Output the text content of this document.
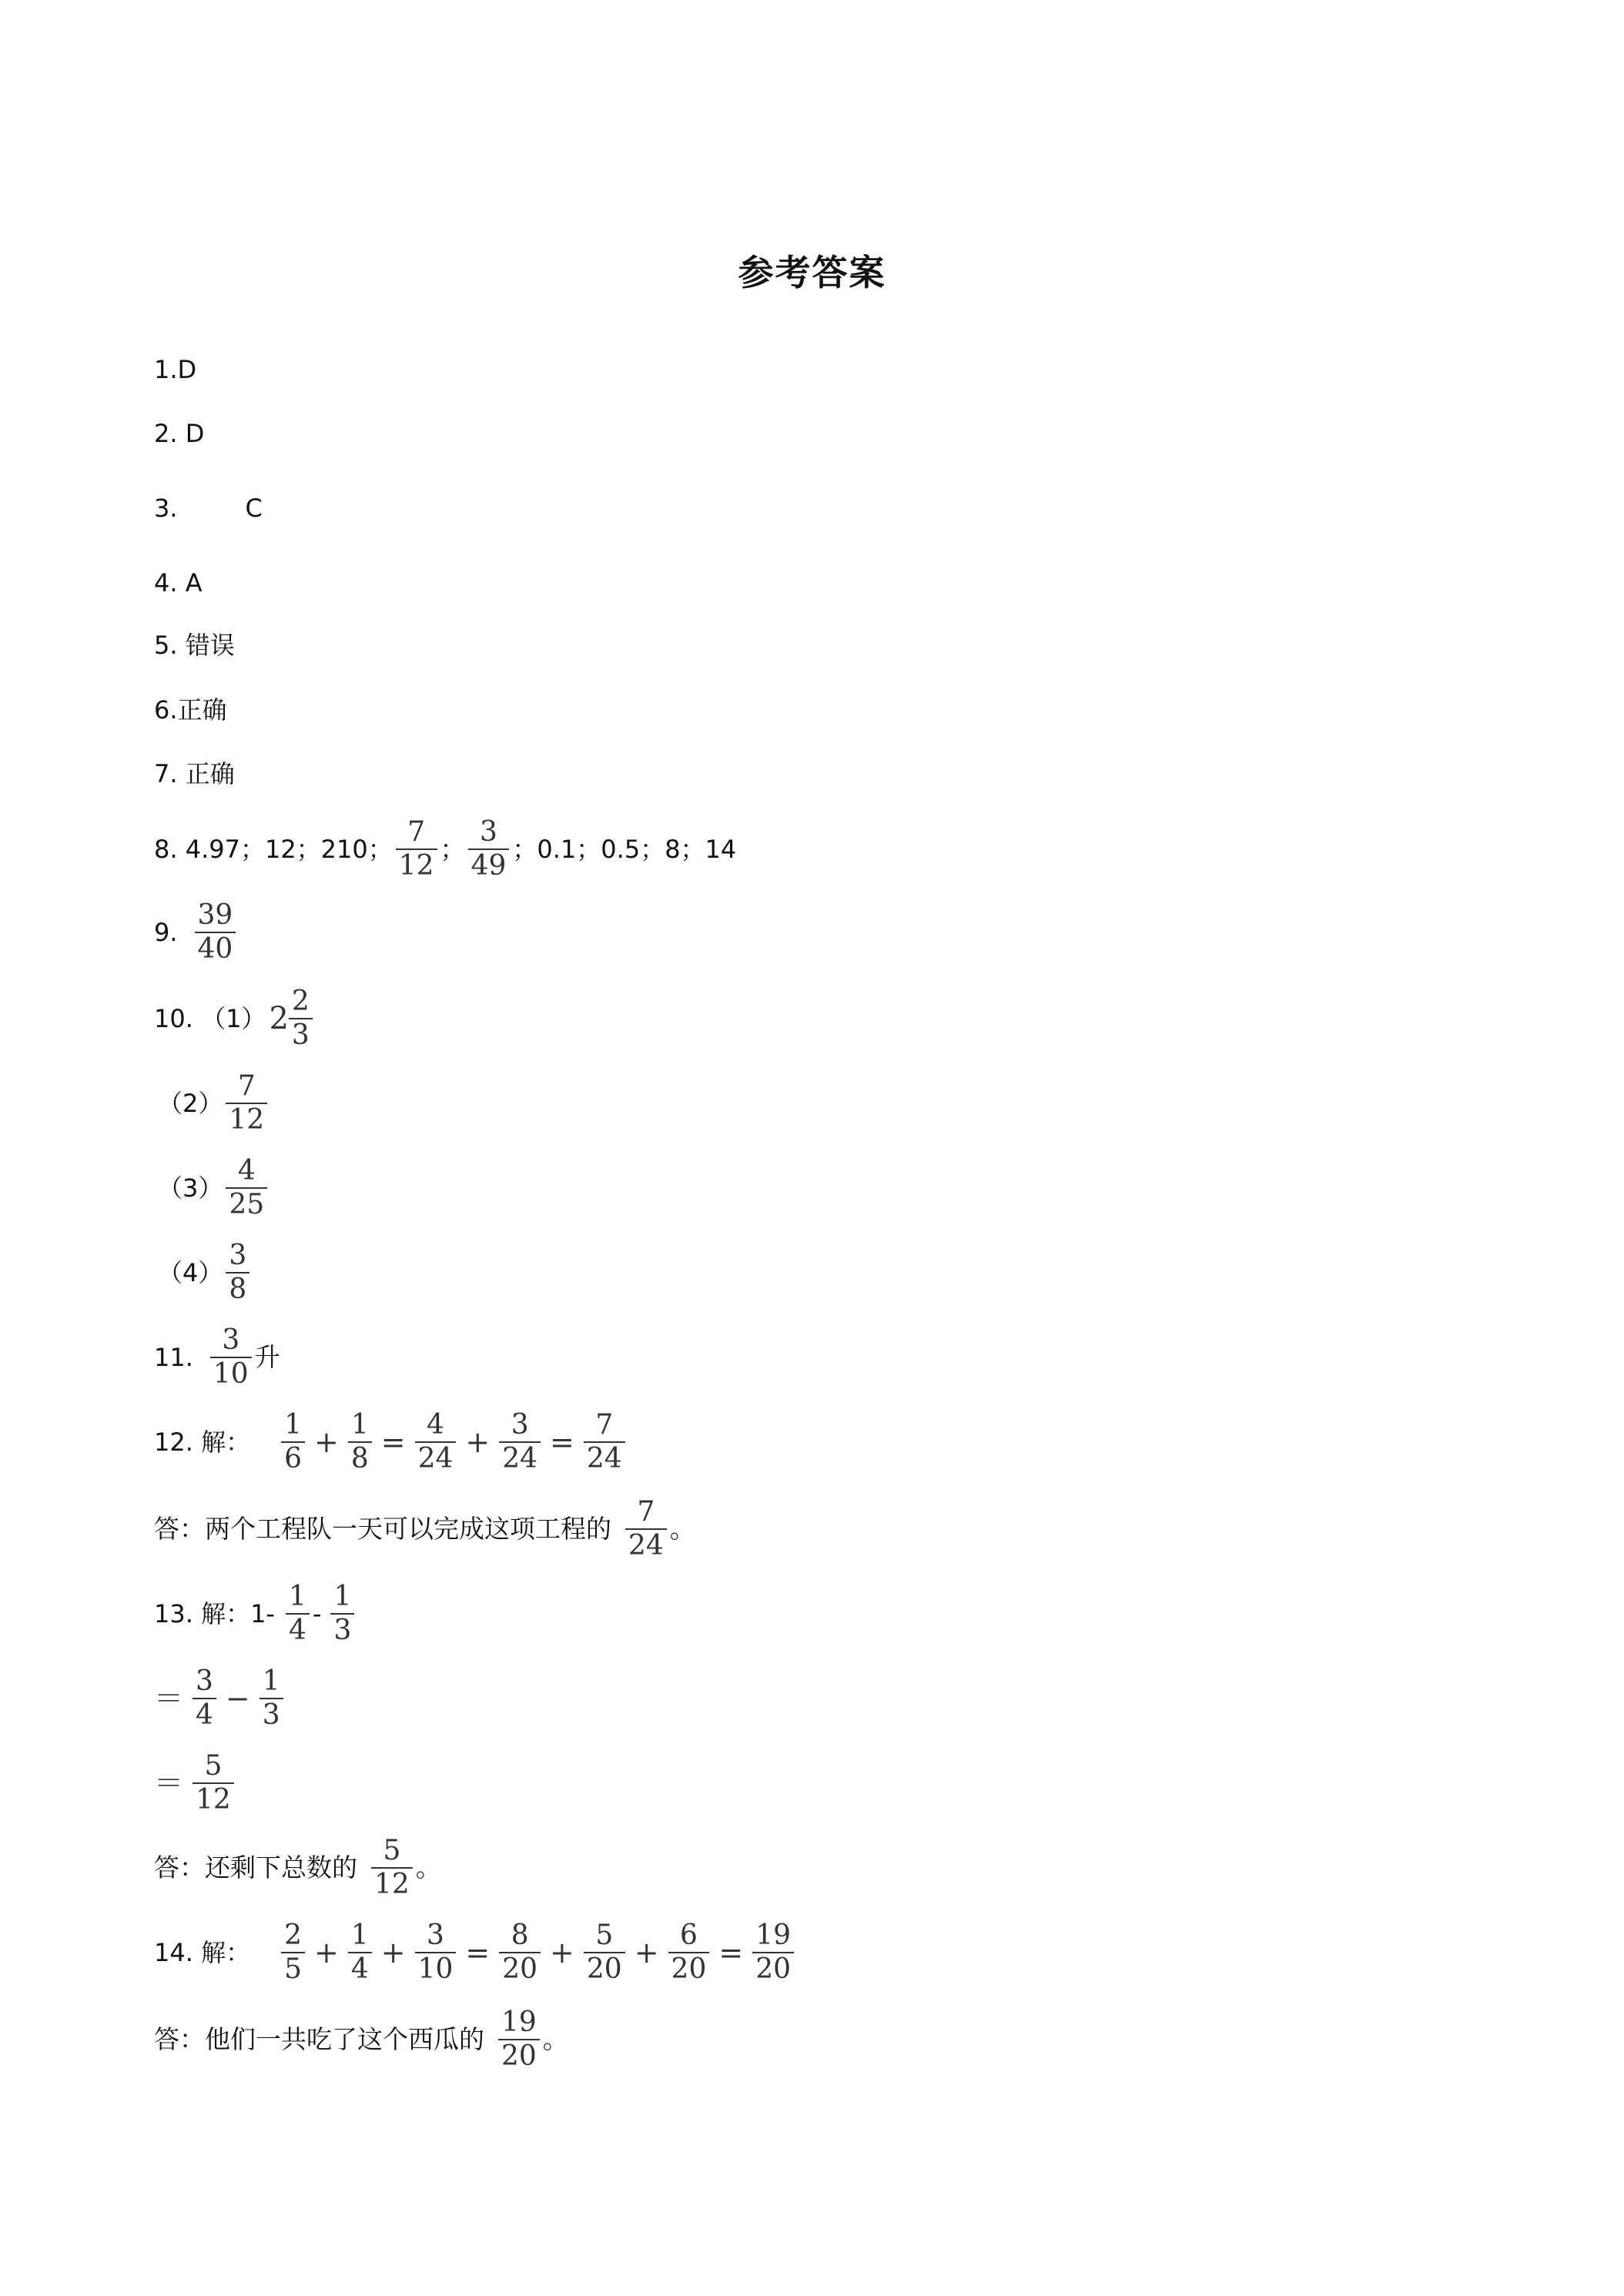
参考答案
1.D
2. D
3.	C
4. A
5. 错误
6.正确
7. 正确
8. 4.97；12；210； $\frac{7}{12}$ ； $\frac{3}{49}$ ；0.1；0.5；8；14
9. $\frac{39}{40}$
10. （1） $2 \frac{2}{3}$
$(2) \frac{7}{12}$
$(3) \frac{4}{25}$
$(4) \frac{3}{8}$
11. $\frac{3}{10}$ 升
12. 解： $\frac{1}{6} + \frac{1}{8} = \frac{4}{24} + \frac{3}{24} = \frac{7}{24}$
答：两个工程队一天可以完成这项工程的 $\frac{7}{24}$ 。
13. 解：$1- \frac{1}{4} - \frac{1}{3}$
＝ $\frac{3}{4} - \frac{1}{3}$
＝ $\frac{5}{12}$
答：还剩下总数的 $\frac{5}{12}$ 。
14. 解： $\frac{2}{5} + \frac{1}{4} + \frac{3}{10} = \frac{8}{20} + \frac{5}{20} + \frac{6}{20} = \frac{19}{20}$
答：他们一共吃了这个西瓜的 $\frac{19}{20}$ 。
